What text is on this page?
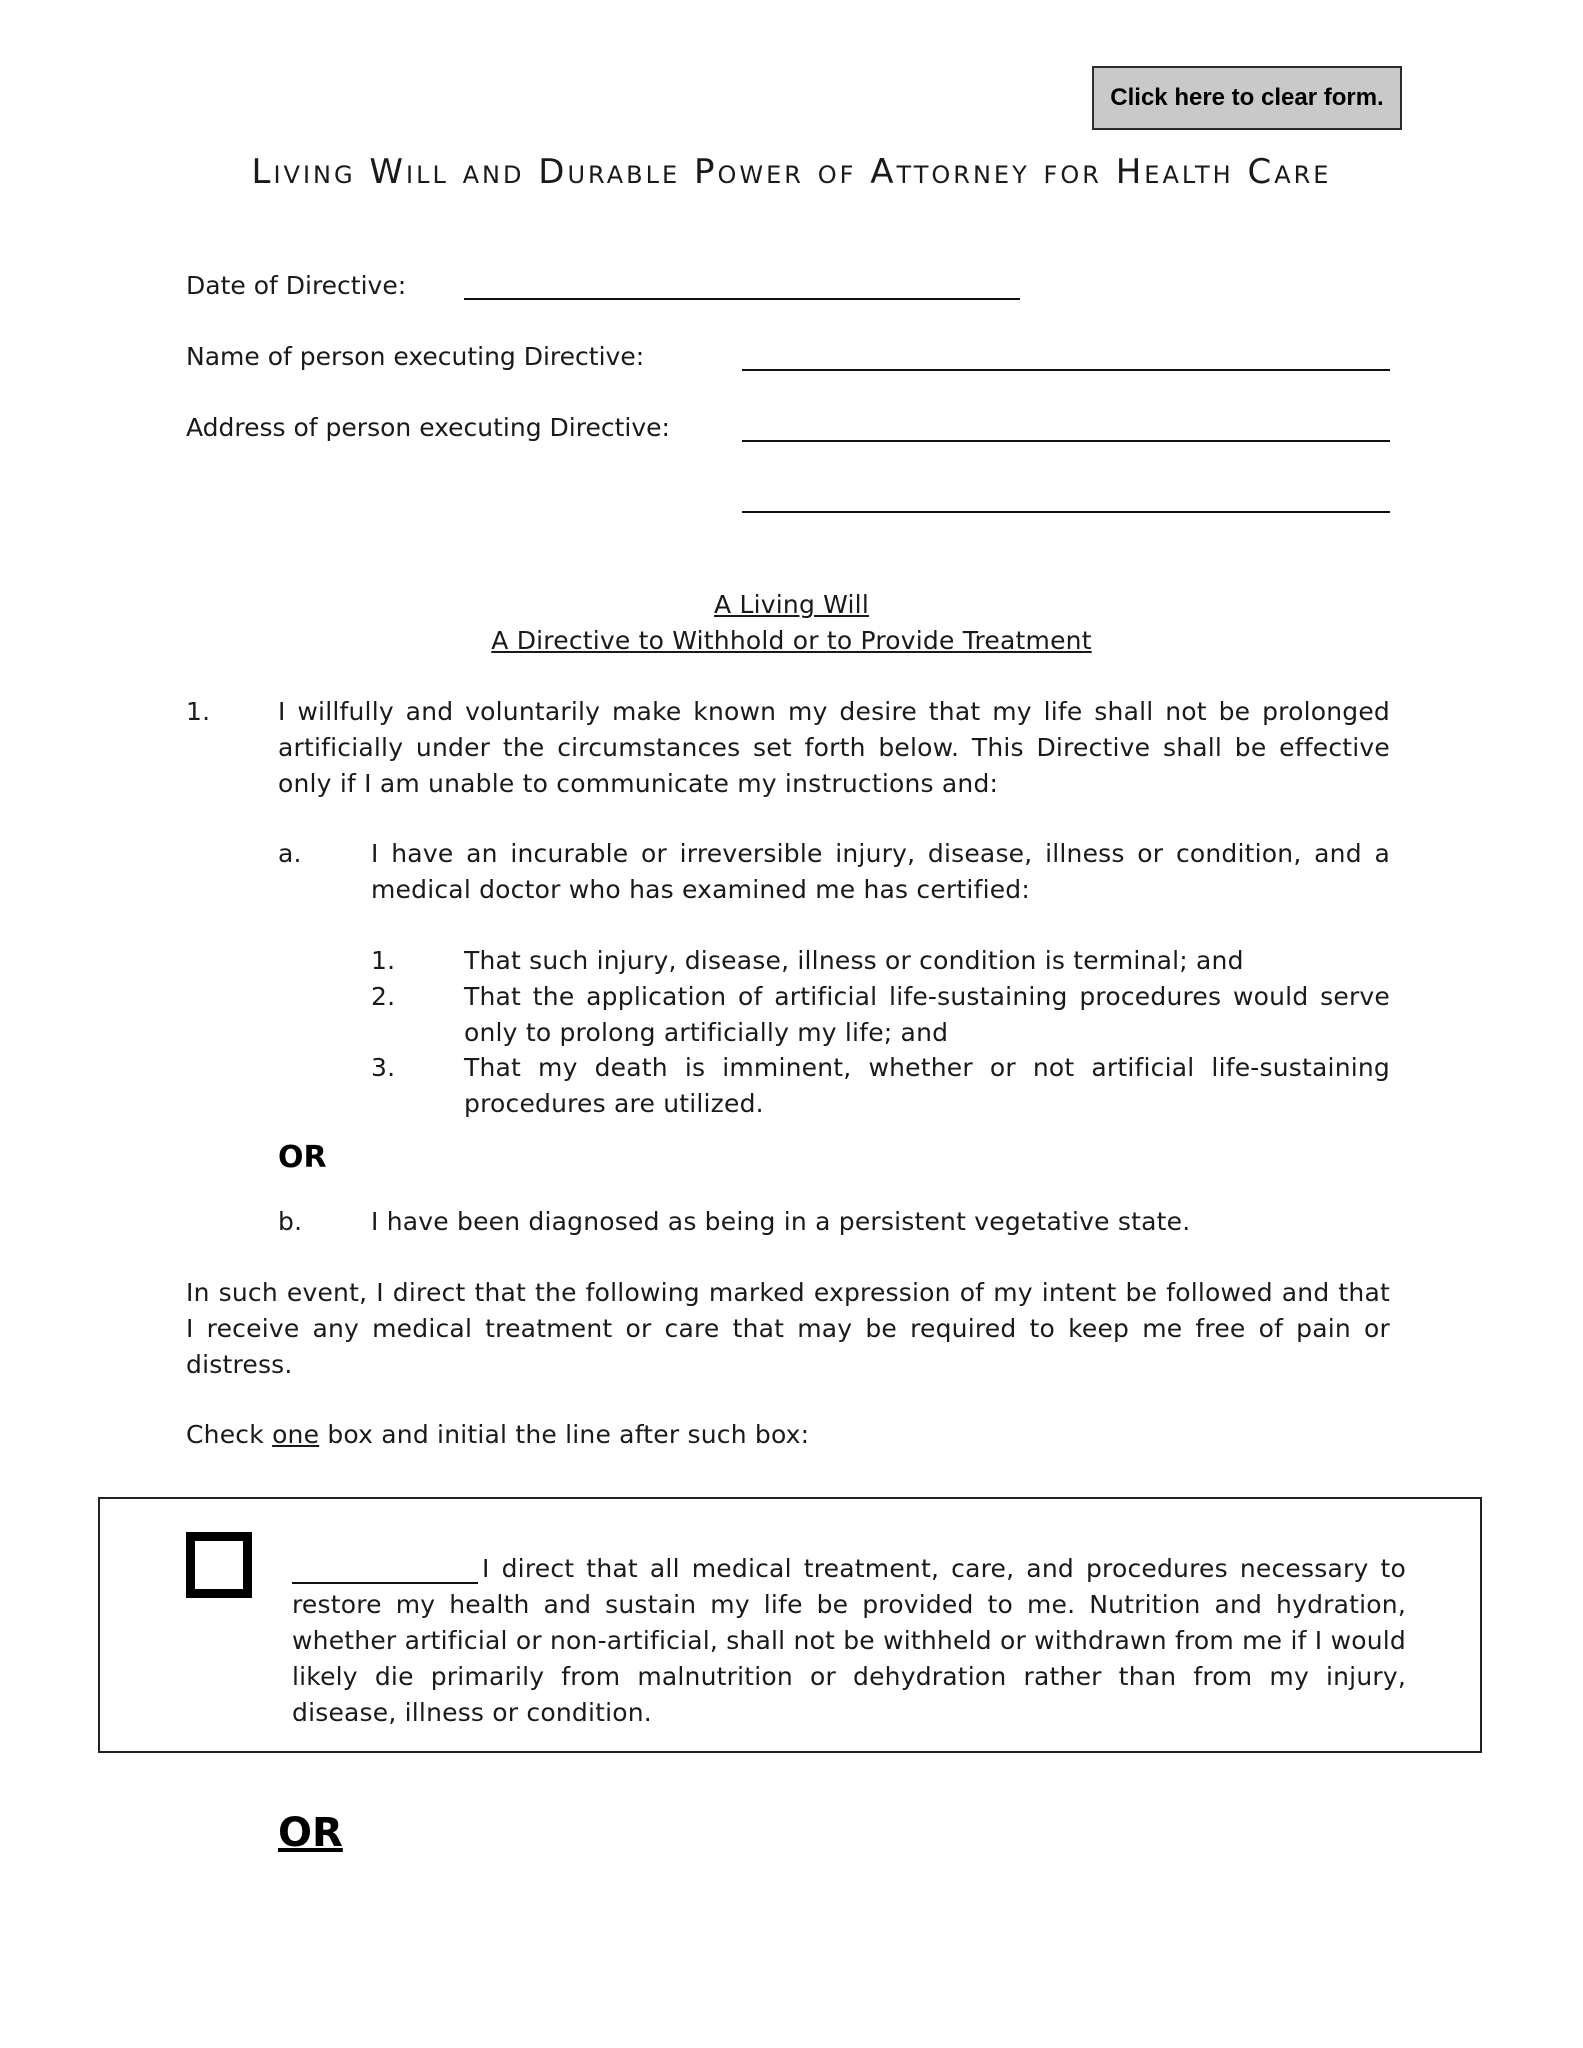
Click here to clear form.
Living Will and Durable Power of Attorney for Health Care
Date of Directive:
Name of person executing Directive:
Address of person executing Directive:
A Living Will
A Directive to Withhold or to Provide Treatment
1.	I willfully and voluntarily make known my desire that my life shall not be prolonged artificially under the circumstances set forth below. This Directive shall be effective only if I am unable to communicate my instructions and:
a.	I have an incurable or irreversible injury, disease, illness or condition, and a medical doctor who has examined me has certified:
1.	That such injury, disease, illness or condition is terminal; and
2.	That the application of artificial life-sustaining procedures would serve only to prolong artificially my life; and
3.	That my death is imminent, whether or not artificial life-sustaining procedures are utilized.
OR
b.	I have been diagnosed as being in a persistent vegetative state.
In such event, I direct that the following marked expression of my intent be followed and that I receive any medical treatment or care that may be required to keep me free of pain or distress.
Check one box and initial the line after such box:
I direct that all medical treatment, care, and procedures necessary to restore my health and sustain my life be provided to me. Nutrition and hydration, whether artificial or non-artificial, shall not be withheld or withdrawn from me if I would likely die primarily from malnutrition or dehydration rather than from my injury, disease, illness or condition.
OR
